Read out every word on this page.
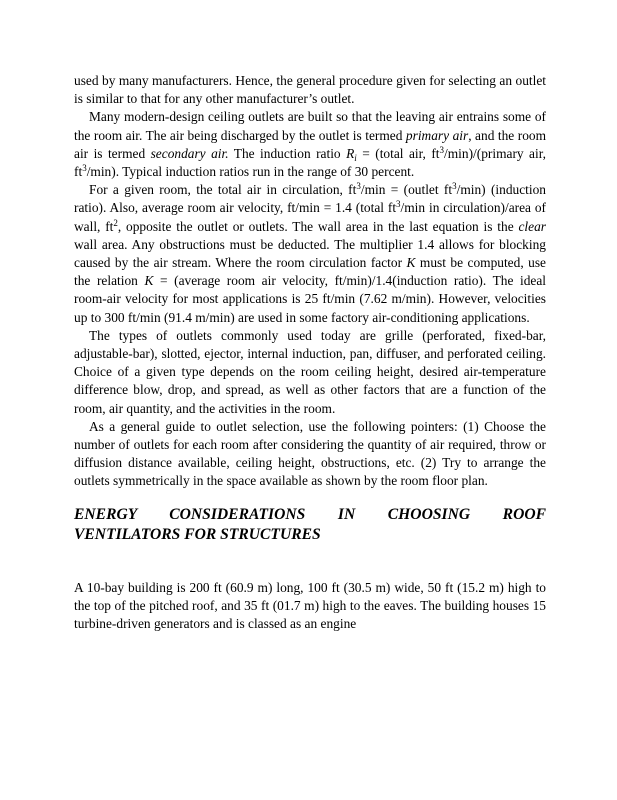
used by many manufacturers. Hence, the general procedure given for selecting an outlet is similar to that for any other manufacturer’s outlet.

Many modern-design ceiling outlets are built so that the leaving air entrains some of the room air. The air being discharged by the outlet is termed primary air, and the room air is termed secondary air. The induction ratio $R_i$ = (total air, $ft^3/\min)/(primary$ air, $ft^3/\min$). Typical induction ratios run in the range of 30 percent.

For a given room, the total air in circulation, $ft^3/\min$ = (outlet $ft^3/\min$) (induction ratio). Also, average room air velocity, ft/min = 1.4 (total $ft^3/\min$ in circulation)/area of wall, $ft^2$, opposite the outlet or outlets. The wall area in the last equation is the clear wall area. Any obstructions must be deducted. The multiplier 1.4 allows for blocking caused by the air stream. Where the room circulation factor K must be computed, use the relation K = (average room air velocity, ft/min)/1.4(induction ratio). The ideal room-air velocity for most applications is 25 ft/min (7.62 m/min). However, velocities up to 300 ft/min (91.4 m/min) are used in some factory air-conditioning applications.

The types of outlets commonly used today are grille (perforated, fixed-bar, adjustable-bar), slotted, ejector, internal induction, pan, diffuser, and perforated ceiling. Choice of a given type depends on the room ceiling height, desired air-temperature difference blow, drop, and spread, as well as other factors that are a function of the room, air quantity, and the activities in the room.

As a general guide to outlet selection, use the following pointers: (1) Choose the number of outlets for each room after considering the quantity of air required, throw or diffusion distance available, ceiling height, obstructions, etc. (2) Try to arrange the outlets symmetrically in the space available as shown by the room floor plan.

ENERGY CONSIDERATIONS IN CHOOSING ROOF
VENTILATORS FOR STRUCTURES

A 10-bay building is 200 ft (60.9 m) long, 100 ft (30.5 m) wide, 50 ft (15.2 m) high to the top of the pitched roof, and 35 ft (01.7 m) high to the eaves. The building houses 15 turbine-driven generators and is classed as an engine
